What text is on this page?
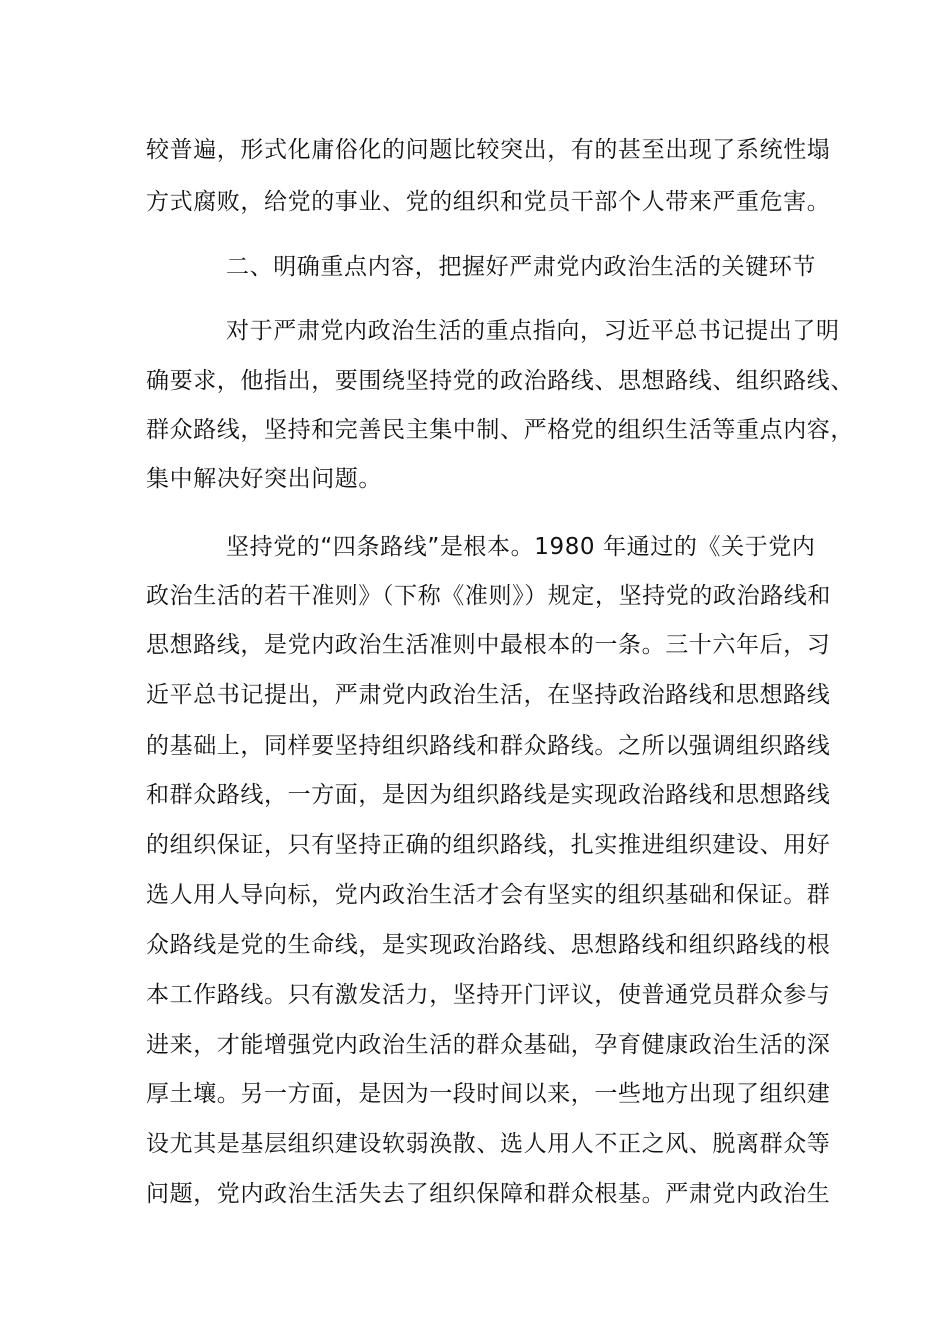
较普遍，形式化庸俗化的问题比较突出，有的甚至出现了系统性塌
方式腐败，给党的事业、党的组织和党员干部个人带来严重危害。
二、明确重点内容，把握好严肃党内政治生活的关键环节
对于严肃党内政治生活的重点指向，习近平总书记提出了明
确要求，他指出，要围绕坚持党的政治路线、思想路线、组织路线、
群众路线，坚持和完善民主集中制、严格党的组织生活等重点内容，
集中解决好突出问题。
坚持党的“四条路线”是根本。1980 年通过的《关于党内
政治生活的若干准则》（下称《准则》）规定，坚持党的政治路线和
思想路线，是党内政治生活准则中最根本的一条。三十六年后，习
近平总书记提出，严肃党内政治生活，在坚持政治路线和思想路线
的基础上，同样要坚持组织路线和群众路线。之所以强调组织路线
和群众路线，一方面，是因为组织路线是实现政治路线和思想路线
的组织保证，只有坚持正确的组织路线，扎实推进组织建设、用好
选人用人导向标，党内政治生活才会有坚实的组织基础和保证。群
众路线是党的生命线，是实现政治路线、思想路线和组织路线的根
本工作路线。只有激发活力，坚持开门评议，使普通党员群众参与
进来，才能增强党内政治生活的群众基础，孕育健康政治生活的深
厚土壤。另一方面，是因为一段时间以来，一些地方出现了组织建
设尤其是基层组织建设软弱涣散、选人用人不正之风、脱离群众等
问题，党内政治生活失去了组织保障和群众根基。严肃党内政治生
